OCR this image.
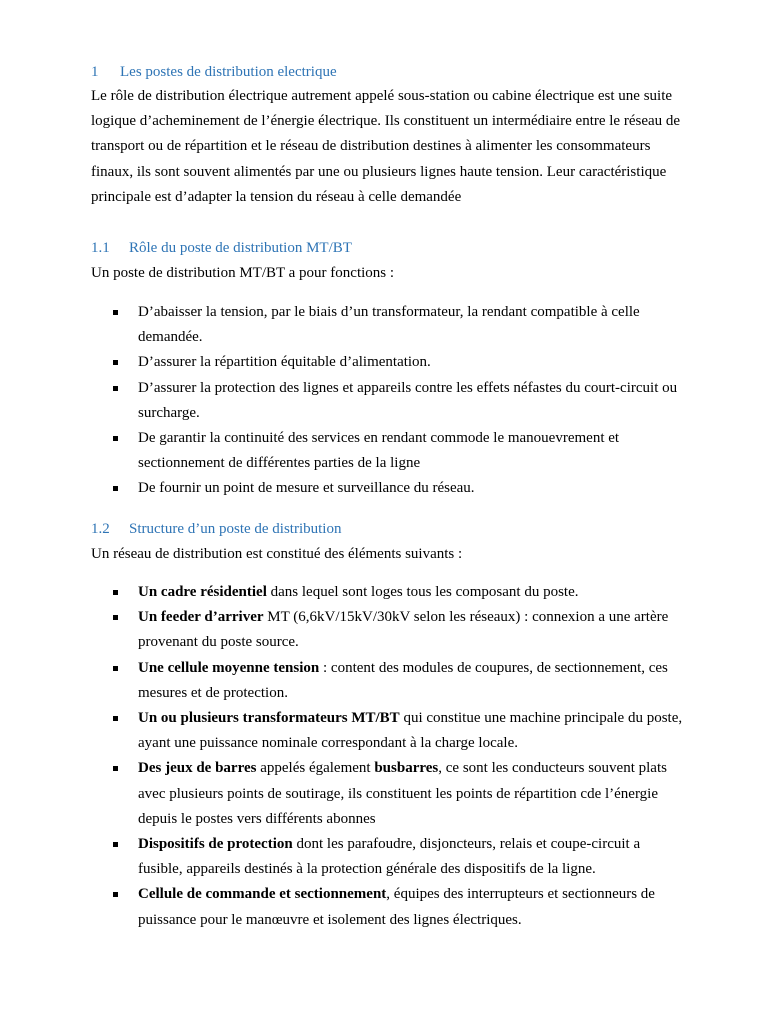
1 Les postes de distribution electrique

Le rôle de distribution électrique autrement appelé sous-station ou cabine électrique est une suite logique d’acheminement de l’énergie électrique. Ils constituent un intermédiaire entre le réseau de transport ou de répartition et le réseau de distribution destines à alimenter les consommateurs finaux, ils sont souvent alimentés par une ou plusieurs lignes haute tension. Leur caractéristique principale est d’adapter la tension du réseau à celle demandée

1.1 Rôle du poste de distribution MT/BT
Un poste de distribution MT/BT a pour fonctions :
D’abaisser la tension, par le biais d’un transformateur, la rendant compatible à celle demandée.
D’assurer la répartition équitable d’alimentation.
D’assurer la protection des lignes et appareils contre les effets néfastes du court-circuit ou surcharge.
De garantir la continuité des services en rendant commode le manouevrement et sectionnement de différentes parties de la ligne
De fournir un point de mesure et surveillance du réseau.
1.2 Structure d’un poste de distribution
Un réseau de distribution est constitué des éléments suivants :
Un cadre résidentiel dans lequel sont loges tous les composant du poste.
Un feeder d’arriver MT (6,6kV/15kV/30kV selon les réseaux) : connexion a une artère provenant du poste source.
Une cellule moyenne tension : content des modules de coupures, de sectionnement, ces mesures et de protection.
Un ou plusieurs transformateurs MT/BT qui constitue une machine principale du poste, ayant une puissance nominale correspondant à la charge locale.
Des jeux de barres appelés également busbarres, ce sont les conducteurs souvent plats avec plusieurs points de soutirage, ils constituent les points de répartition cde l’énergie depuis le postes vers différents abonnes
Dispositifs de protection dont les parafoudre, disjoncteurs, relais et coupe-circuit a fusible, appareils destinés à la protection générale des dispositifs de la ligne.
Cellule de commande et sectionnement, équipes des interrupteurs et sectionneurs de puissance pour le manœuvre et isolement des lignes électriques.
